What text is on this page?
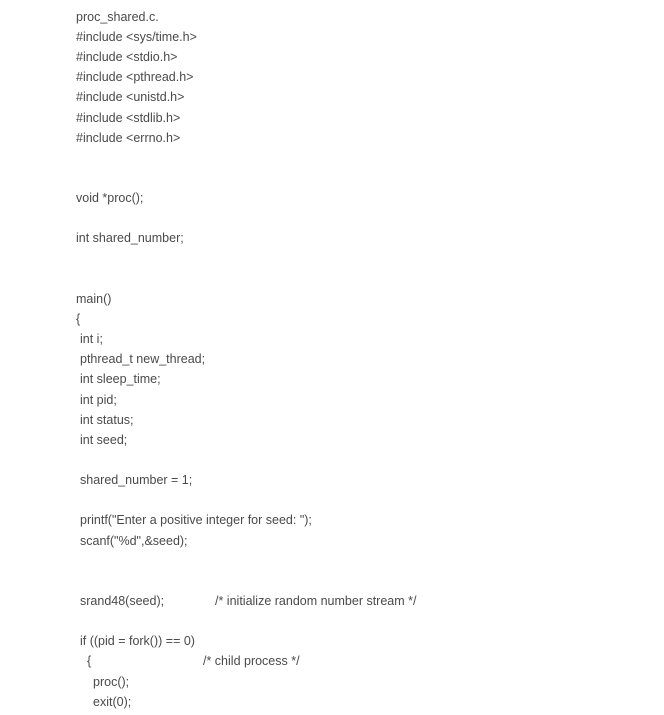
proc_shared.c.
#include <sys/time.h>
#include <stdio.h>
#include <pthread.h>
#include <unistd.h>
#include <stdlib.h>
#include <errno.h>
void *proc();
int shared_number;
main()
{
int i;
pthread_t new_thread;
int sleep_time;
int pid;
int status;
int seed;
shared_number = 1;
printf("Enter a positive integer for seed: ");
scanf("%d",&seed);
srand48(seed);	/* initialize random number stream */
if ((pid = fork()) == 0)
{	/* child process */
proc();
exit(0);
